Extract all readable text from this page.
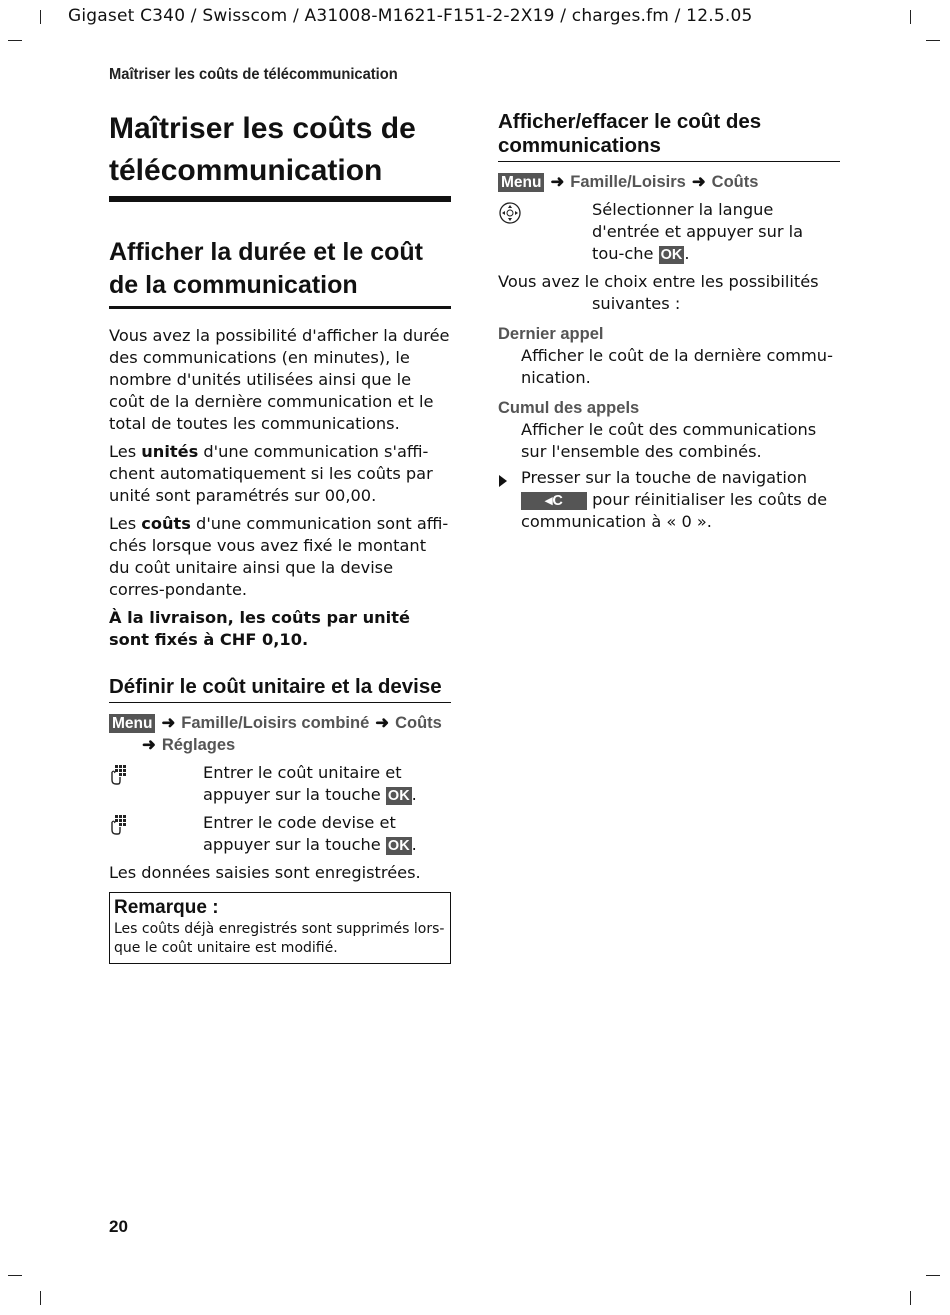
Gigaset C340 / Swisscom / A31008-M1621-F151-2-2X19 / charges.fm / 12.5.05
Maîtriser les coûts de télécommunication
Maîtriser les coûts de télécommunication
Afficher la durée et le coût de la communication

Vous avez la possibilité d'afficher la durée des communications (en minutes), le nombre d'unités utilisées ainsi que le coût de la dernière communication et le total de toutes les communications.

Les unités d'une communication s'affi-chent automatiquement si les coûts par unité sont paramétrés sur 00,00.

Les coûts d'une communication sont affi-chés lorsque vous avez fixé le montant du coût unitaire ainsi que la devise corres-pondante.

À la livraison, les coûts par unité sont fixés à CHF 0,10.

Définir le coût unitaire et la devise
Menu ➜ Famille/Loisirs combiné ➜ Coûts
➜ Réglages

Entrer le coût unitaire et appuyer sur la touche OK .

Entrer le code devise et appuyer sur la touche OK .

Les données saisies sont enregistrées.

Remarque :
Les coûts déjà enregistrés sont supprimés lors-que le coût unitaire est modifié.
Afficher/effacer le coût des communications
Menu ➜ Famille/Loisirs ➜ Coûts

Sélectionner la langue d'entrée et appuyer sur la tou-che OK .

Vous avez le choix entre les possibilités
suivantes :

Dernier appel

Afficher le coût de la dernière commu-nication.

Cumul des appels

Afficher le coût des communications sur l'ensemble des combinés.

Presser sur la touche de navigation
◂C pour réinitialiser les coûts de communication à « 0 ».

20
